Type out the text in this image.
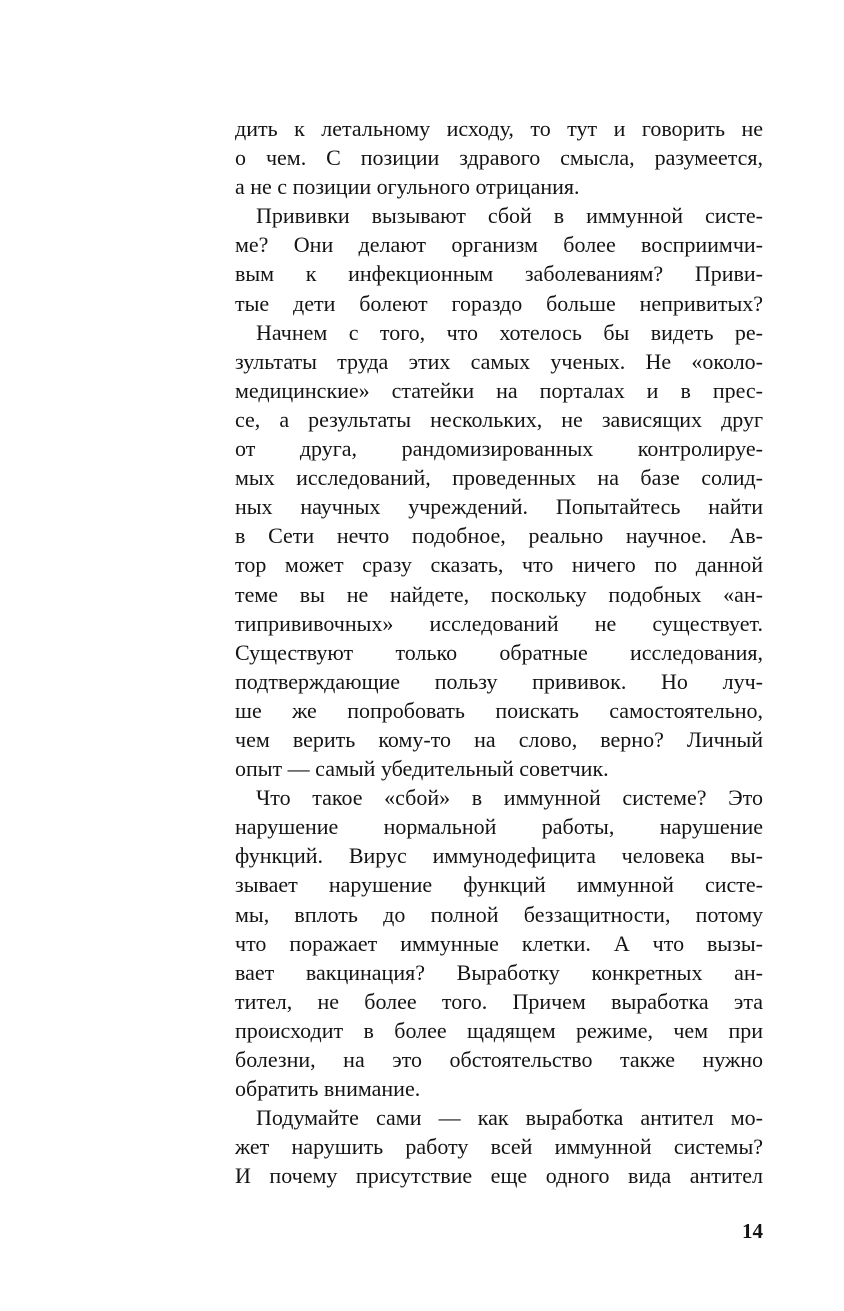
дить к летальному исходу, то тут и говорить не
о чем. С позиции здравого смысла, разумеется,
а не с позиции огульного отрицания.
Прививки вызывают сбой в иммунной систе-
ме? Они делают организм более восприимчи-
вым к инфекционным заболеваниям? Приви-
тые дети болеют гораздо больше непривитых?
Начнем с того, что хотелось бы видеть ре-
зультаты труда этих самых ученых. Не «около-
медицинские» статейки на порталах и в прес-
се, а результаты нескольких, не зависящих друг
от друга, рандомизированных контролируе-
мых исследований, проведенных на базе солид-
ных научных учреждений. Попытайтесь найти
в Сети нечто подобное, реально научное. Ав-
тор может сразу сказать, что ничего по данной
теме вы не найдете, поскольку подобных «ан-
типрививочных» исследований не существует.
Существуют только обратные исследования,
подтверждающие пользу прививок. Но луч-
ше же попробовать поискать самостоятельно,
чем верить кому-то на слово, верно? Личный
опыт — самый убедительный советчик.
Что такое «сбой» в иммунной системе? Это
нарушение нормальной работы, нарушение
функций. Вирус иммунодефицита человека вы-
зывает нарушение функций иммунной систе-
мы, вплоть до полной беззащитности, потому
что поражает иммунные клетки. А что вызы-
вает вакцинация? Выработку конкретных ан-
тител, не более того. Причем выработка эта
происходит в более щадящем режиме, чем при
болезни, на это обстоятельство также нужно
обратить внимание.
Подумайте сами — как выработка антител мо-
жет нарушить работу всей иммунной системы?
И почему присутствие еще одного вида антител
14
